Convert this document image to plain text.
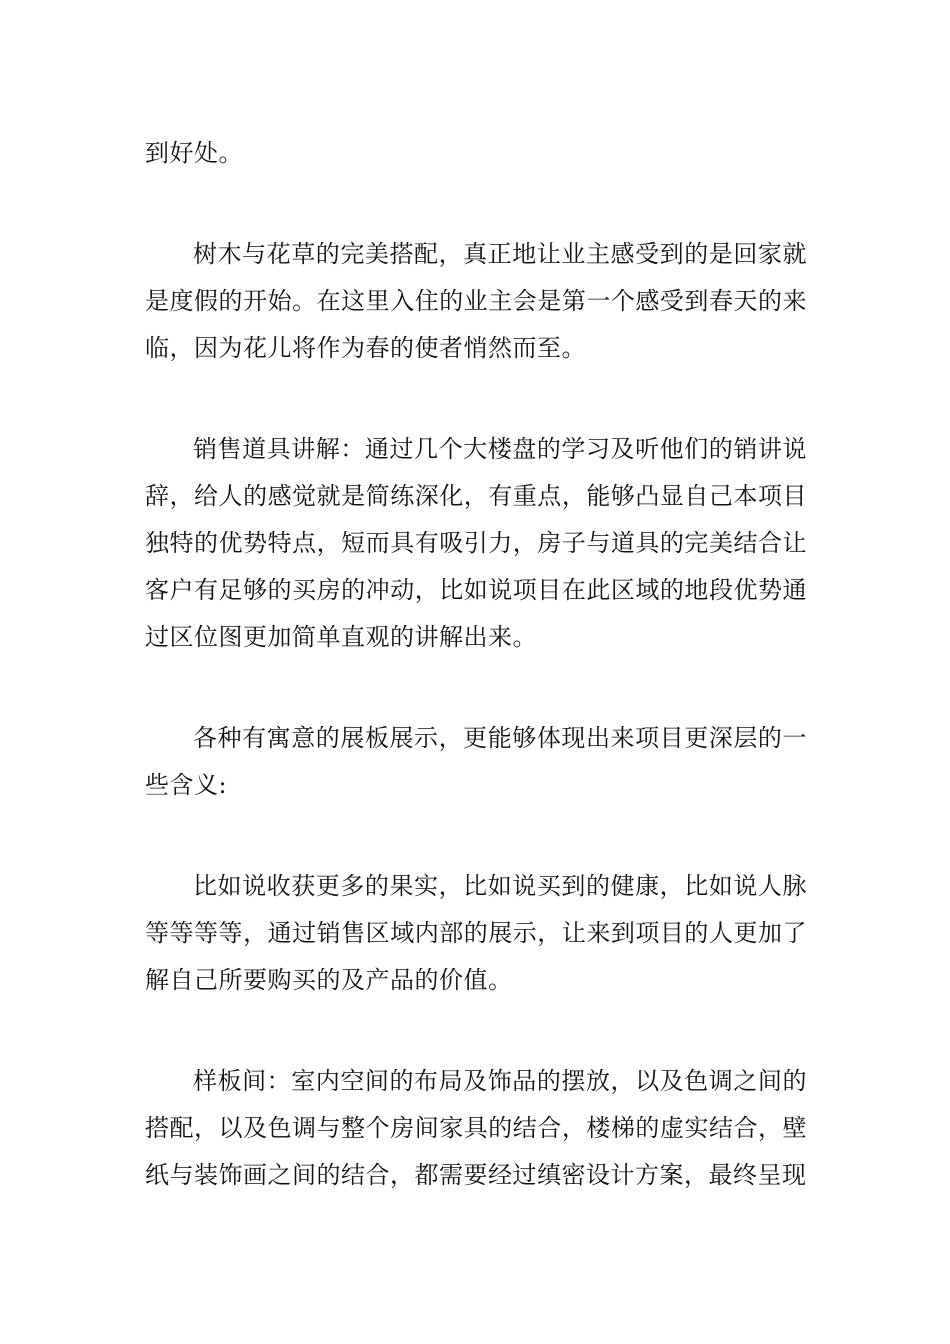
到好处。

树木与花草的完美搭配，真正地让业主感受到的是回家就是度假的开始。在这里入住的业主会是第一个感受到春天的来临，因为花儿将作为春的使者悄然而至。

销售道具讲解：通过几个大楼盘的学习及听他们的销讲说辞，给人的感觉就是简练深化，有重点，能够凸显自己本项目独特的优势特点，短而具有吸引力，房子与道具的完美结合让客户有足够的买房的冲动，比如说项目在此区域的地段优势通过区位图更加简单直观的讲解出来。

各种有寓意的展板展示，更能够体现出来项目更深层的一些含义:

比如说收获更多的果实，比如说买到的健康，比如说人脉等等等等，通过销售区域内部的展示，让来到项目的人更加了解自己所要购买的及产品的价值。

样板间：室内空间的布局及饰品的摆放，以及色调之间的搭配，以及色调与整个房间家具的结合，楼梯的虚实结合，壁纸与装饰画之间的结合，都需要经过缜密设计方案，最终呈现
